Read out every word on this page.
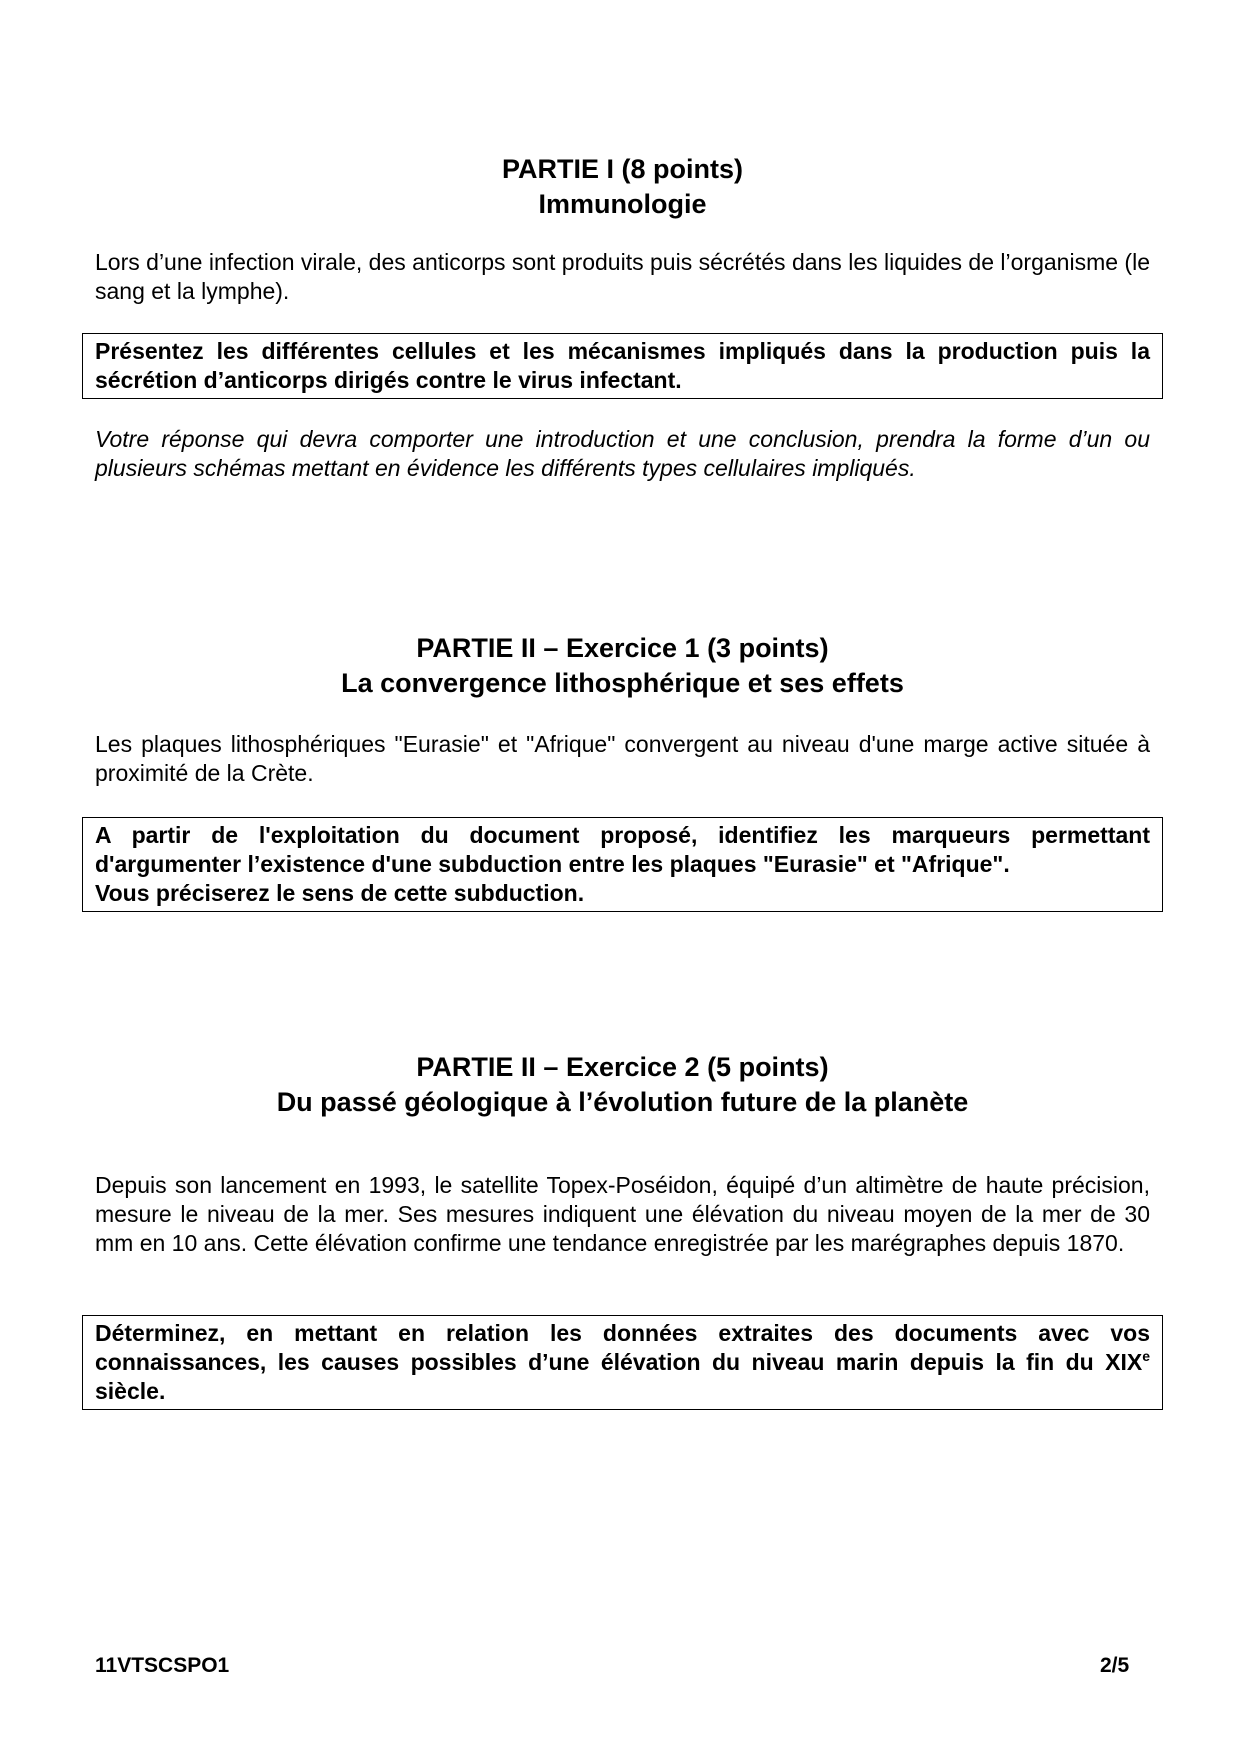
PARTIE I (8 points)
Immunologie

Lors d’une infection virale, des anticorps sont produits puis sécrétés dans les liquides de l’organisme (le sang et la lymphe).

Présentez les différentes cellules et les mécanismes impliqués dans la production puis la sécrétion d’anticorps dirigés contre le virus infectant.

Votre réponse qui devra comporter une introduction et une conclusion, prendra la forme d’un ou plusieurs schémas mettant en évidence les différents types cellulaires impliqués.

PARTIE II – Exercice 1 (3 points)
La convergence lithosphérique et ses effets

Les plaques lithosphériques "Eurasie" et "Afrique" convergent au niveau d'une marge active située à proximité de la Crète.

A partir de l'exploitation du document proposé, identifiez les marqueurs permettant d'argumenter l’existence d'une subduction entre les plaques "Eurasie" et "Afrique".

Vous préciserez le sens de cette subduction.

PARTIE II – Exercice 2 (5 points)
Du passé géologique à l’évolution future de la planète

Depuis son lancement en 1993, le satellite Topex-Poséidon, équipé d’un altimètre de haute précision, mesure le niveau de la mer. Ses mesures indiquent une élévation du niveau moyen de la mer de 30 mm en 10 ans. Cette élévation confirme une tendance enregistrée par les marégraphes depuis 1870.

Déterminez, en mettant en relation les données extraites des documents avec vos connaissances, les causes possibles d’une élévation du niveau marin depuis la fin du XIXe siècle.

11VTSCSPO1	2/5
